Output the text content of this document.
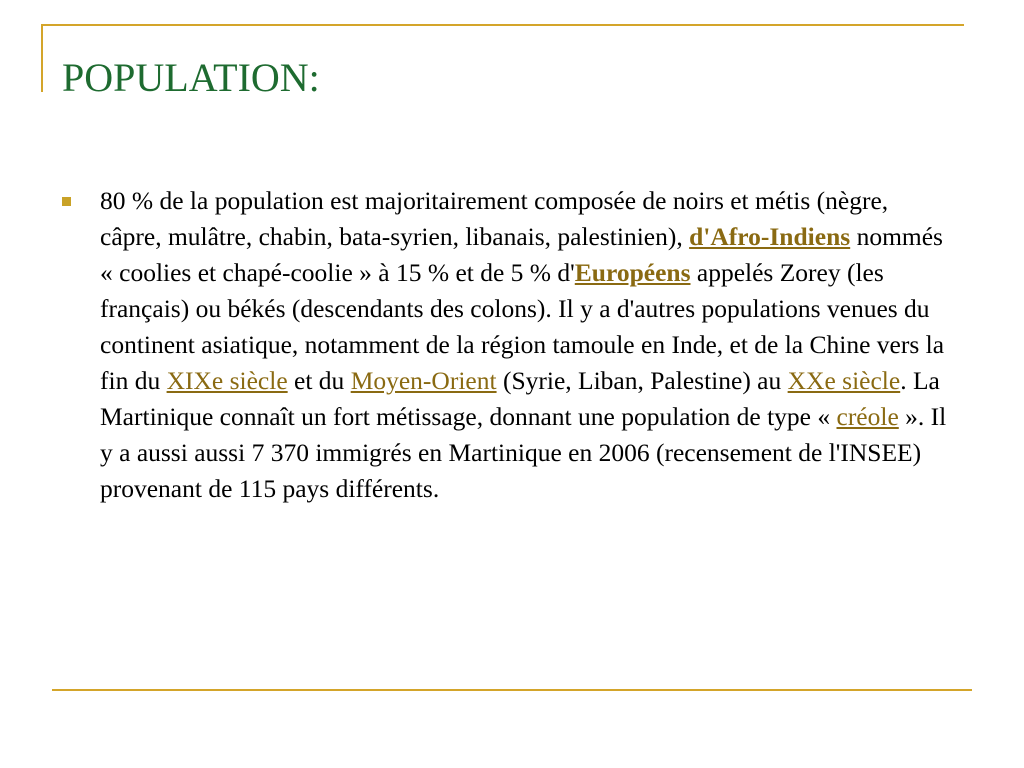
POPULATION:

80 % de la population est majoritairement composée de noirs et métis (nègre, câpre, mulâtre, chabin, bata-syrien, libanais, palestinien), d'Afro-Indiens nommés « coolies et chapé-coolie » à 15 % et de 5 % d'Européens appelés Zorey (les français) ou békés (descendants des colons). Il y a d'autres populations venues du continent asiatique, notamment de la région tamoule en Inde, et de la Chine vers la fin du XIXe siècle et du Moyen-Orient (Syrie, Liban, Palestine) au XXe siècle. La Martinique connaît un fort métissage, donnant une population de type « créole ». Il y a aussi aussi 7 370 immigrés en Martinique en 2006 (recensement de l'INSEE) provenant de 115 pays différents.
